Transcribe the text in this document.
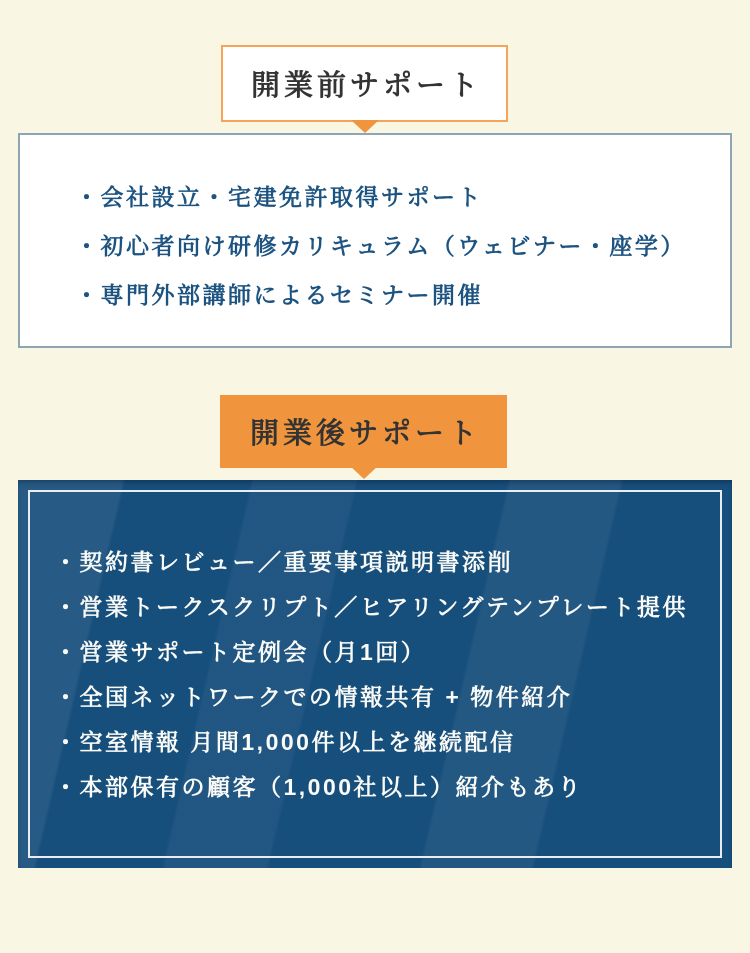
開業前サポート
・会社設立・宅建免許取得サポート
・初心者向け研修カリキュラム（ウェビナー・座学）
・専門外部講師によるセミナー開催
開業後サポート
・契約書レビュー／重要事項説明書添削
・営業トークスクリプト／ヒアリングテンプレート提供
・営業サポート定例会（月1回）
・全国ネットワークでの情報共有 + 物件紹介
・空室情報 月間1,000件以上を継続配信
・本部保有の顧客（1,000社以上）紹介もあり
